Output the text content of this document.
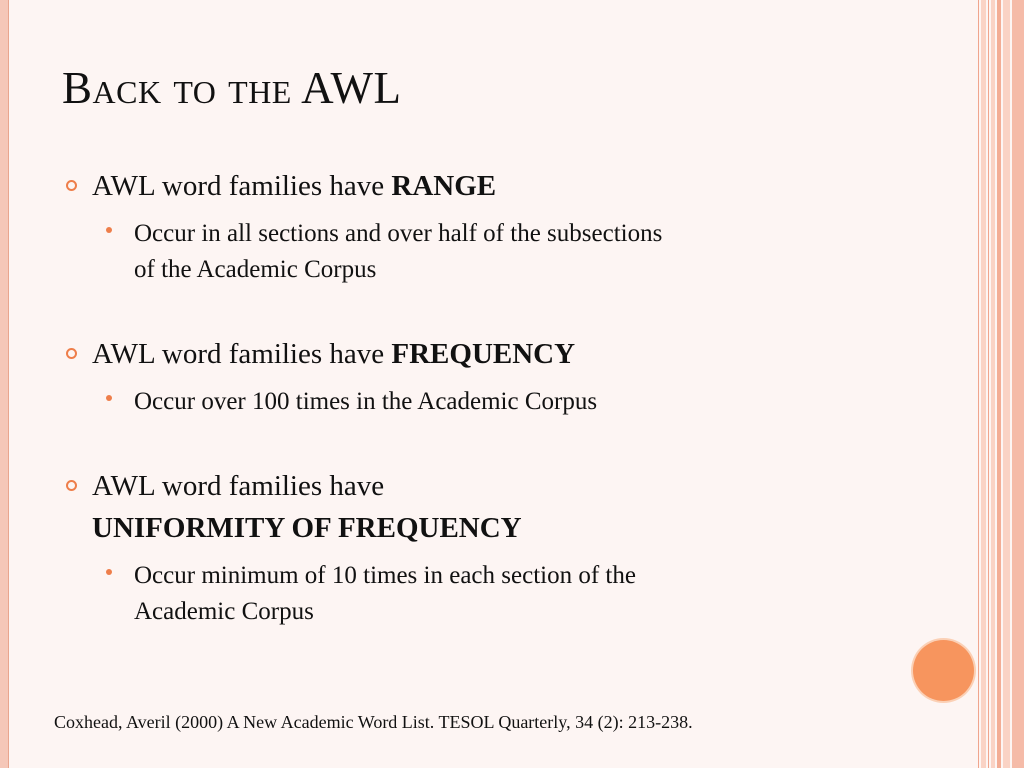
Back to the AWL
AWL word families have RANGE
Occur in all sections and over half of the subsections
of the Academic Corpus
AWL word families have FREQUENCY
Occur over 100 times in the Academic Corpus
AWL word families have
UNIFORMITY OF FREQUENCY
Occur minimum of 10 times in each section of the
Academic Corpus

Coxhead, Averil (2000) A New Academic Word List. TESOL Quarterly, 34 (2): 213-238.
